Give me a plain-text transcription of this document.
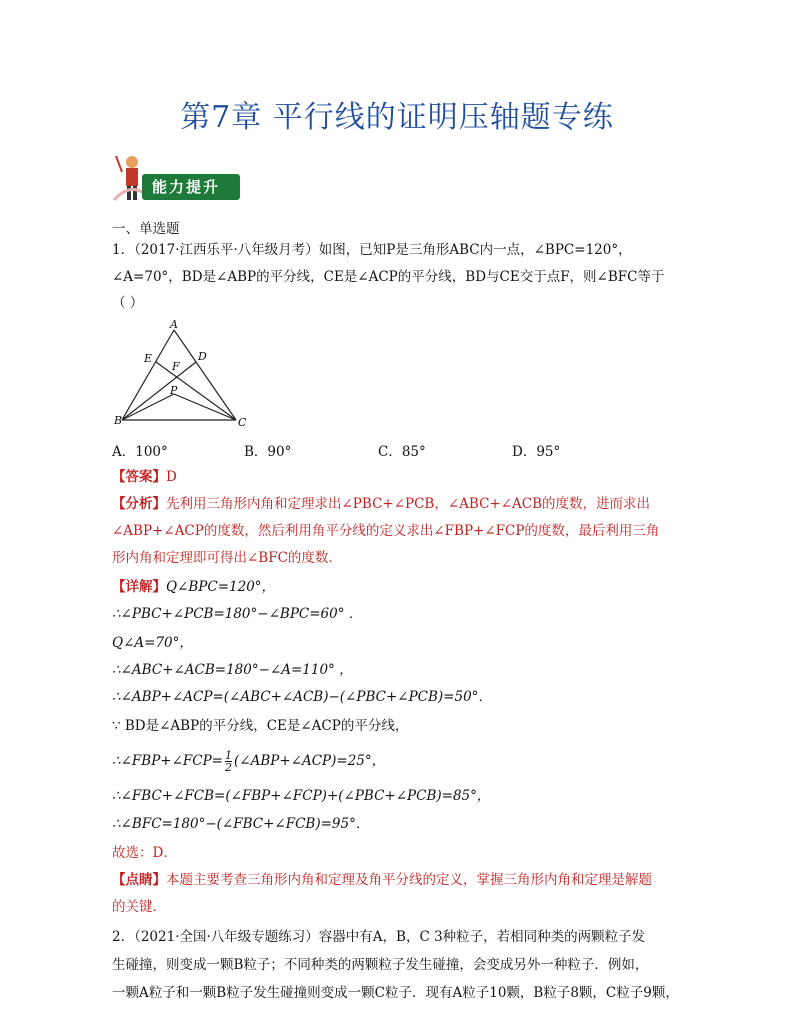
第7章 平行线的证明压轴题专练
能力提升
一、单选题
1．（2017·江西乐平·八年级月考）如图，已知P是三角形ABC内一点，∠BPC=120°，
∠A=70°，BD是∠ABP的平分线，CE是∠ACP的平分线，BD与CE交于点F，则∠BFC等于
（ ）
A
B	C
D
E
F
P
A．100°	B．90°	C．85°	D．95°
【答案】D
【分析】先利用三角形内角和定理求出∠PBC+∠PCB，∠ABC+∠ACB的度数，进而求出
∠ABP+∠ACP的度数，然后利用角平分线的定义求出∠FBP+∠FCP的度数，最后利用三角
形内角和定理即可得出∠BFC的度数．
【详解】Q∠BPC=120°，
∴∠PBC+∠PCB=180°−∠BPC=60° ．
Q∠A=70°，
∴∠ABC+∠ACB=180°−∠A=110° ，
∴∠ABP+∠ACP=(∠ABC+∠ACB)−(∠PBC+∠PCB)=50°．
∵ BD是∠ABP的平分线，CE是∠ACP的平分线，
∴∠FBP+∠FCP= $\frac{1}{2}$ (∠ABP+∠ACP)=25°，
∴∠FBC+∠FCB=(∠FBP+∠FCP)+(∠PBC+∠PCB)=85°，
∴∠BFC=180°−(∠FBC+∠FCB)=95°．
故选：D．
【点睛】本题主要考查三角形内角和定理及角平分线的定义，掌握三角形内角和定理是解题
的关键．
2．（2021·全国·八年级专题练习）容器中有A，B，C 3种粒子，若相同种类的两颗粒子发
生碰撞，则变成一颗B粒子；不同种类的两颗粒子发生碰撞，会变成另外一种粒子．例如，
一颗A粒子和一颗B粒子发生碰撞则变成一颗C粒子．现有A粒子10颗，B粒子8颗，C粒子9颗，
